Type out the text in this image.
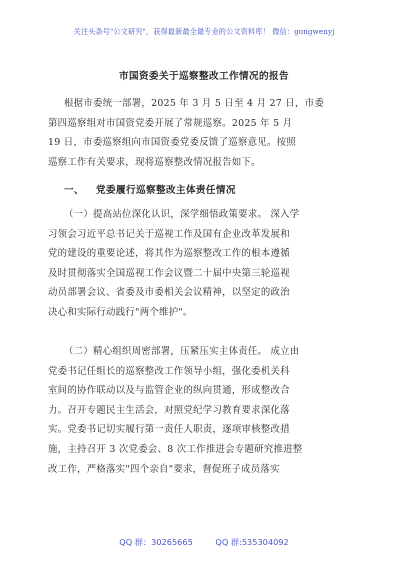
关注头条号"公文研究"，获得最新最全最专业的公文资料库！ 微信：gongwenyj
市国资委关于巡察整改工作情况的报告
根据市委统一部署，2025 年 3 月 5 日至 4 月 27 日，市委
第四巡察组对市国资党委开展了常规巡察。2025 年 5 月
19 日，市委巡察组向市国资委党委反馈了巡察意见。按照
巡察工作有关要求，现将巡察整改情况报告如下。
一、 党委履行巡察整改主体责任情况
（一）提高站位深化认识，深学细悟政策要求。 深入学
习领会习近平总书记关于巡视工作及国有企业改革发展和
党的建设的重要论述，将其作为巡察整改工作的根本遵循
及时贯彻落实全国巡视工作会议暨二十届中央第三轮巡视
动员部署会议、省委及市委相关会议精神，以坚定的政治
决心和实际行动践行"两个维护"。
（二）精心组织周密部署，压紧压实主体责任。 成立由
党委书记任组长的巡察整改工作领导小组，强化委机关科
室间的协作联动以及与监管企业的纵向贯通，形成整改合
力。召开专题民主生活会，对照党纪学习教育要求深化落
实。党委书记切实履行第一责任人职责，逐项审核整改措
施，主持召开 3 次党委会、8 次工作推进会专题研究推进整
改工作，严格落实"四个亲自"要求，督促班子成员落实
QQ 群：30265665	QQ 群:535304092
